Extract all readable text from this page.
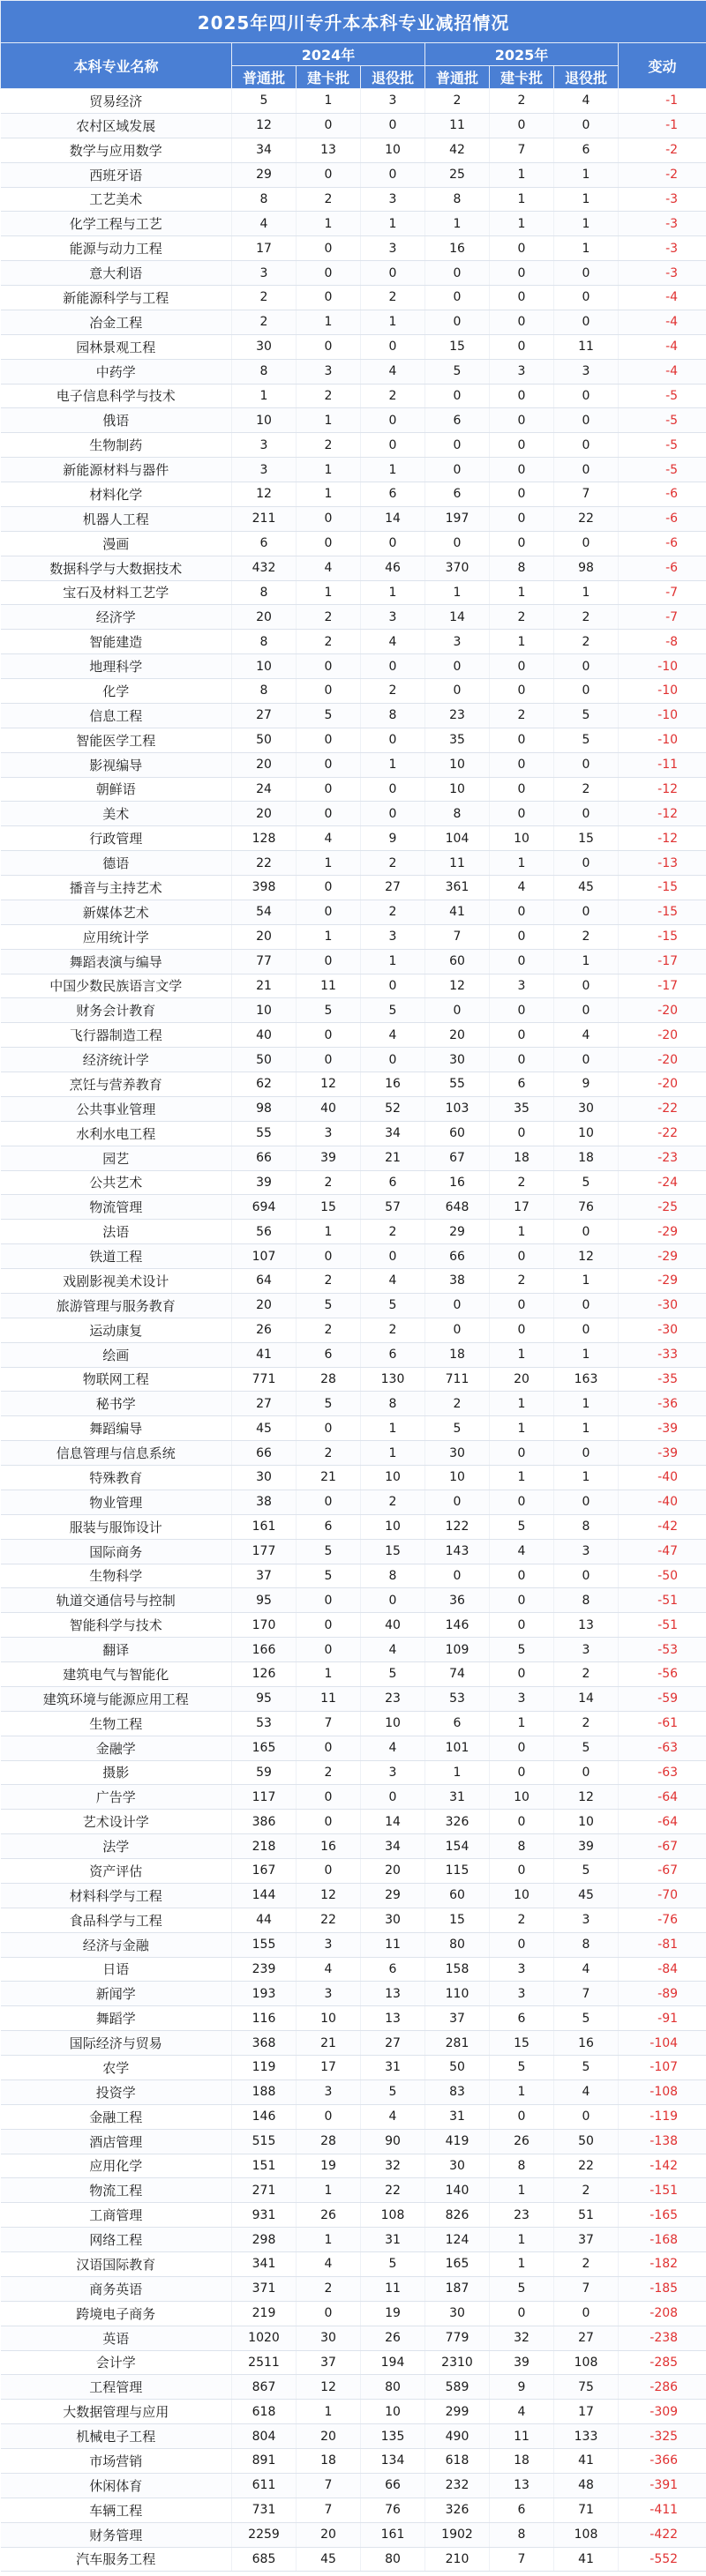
2025年四川专升本本科专业减招情况							
本科专业名称	2024年			2025年			变动
	普通批	建卡批	退役批	普通批	建卡批	退役批	
贸易经济	5	1	3	2	2	4	-1
农村区域发展	12	0	0	11	0	0	-1
数学与应用数学	34	13	10	42	7	6	-2
西班牙语	29	0	0	25	1	1	-2
工艺美术	8	2	3	8	1	1	-3
化学工程与工艺	4	1	1	1	1	1	-3
能源与动力工程	17	0	3	16	0	1	-3
意大利语	3	0	0	0	0	0	-3
新能源科学与工程	2	0	2	0	0	0	-4
冶金工程	2	1	1	0	0	0	-4
园林景观工程	30	0	0	15	0	11	-4
中药学	8	3	4	5	3	3	-4
电子信息科学与技术	1	2	2	0	0	0	-5
俄语	10	1	0	6	0	0	-5
生物制药	3	2	0	0	0	0	-5
新能源材料与器件	3	1	1	0	0	0	-5
材料化学	12	1	6	6	0	7	-6
机器人工程	211	0	14	197	0	22	-6
漫画	6	0	0	0	0	0	-6
数据科学与大数据技术	432	4	46	370	8	98	-6
宝石及材料工艺学	8	1	1	1	1	1	-7
经济学	20	2	3	14	2	2	-7
智能建造	8	2	4	3	1	2	-8
地理科学	10	0	0	0	0	0	-10
化学	8	0	2	0	0	0	-10
信息工程	27	5	8	23	2	5	-10
智能医学工程	50	0	0	35	0	5	-10
影视编导	20	0	1	10	0	0	-11
朝鲜语	24	0	0	10	0	2	-12
美术	20	0	0	8	0	0	-12
行政管理	128	4	9	104	10	15	-12
德语	22	1	2	11	1	0	-13
播音与主持艺术	398	0	27	361	4	45	-15
新媒体艺术	54	0	2	41	0	0	-15
应用统计学	20	1	3	7	0	2	-15
舞蹈表演与编导	77	0	1	60	0	1	-17
中国少数民族语言文学	21	11	0	12	3	0	-17
财务会计教育	10	5	5	0	0	0	-20
飞行器制造工程	40	0	4	20	0	4	-20
经济统计学	50	0	0	30	0	0	-20
烹饪与营养教育	62	12	16	55	6	9	-20
公共事业管理	98	40	52	103	35	30	-22
水利水电工程	55	3	34	60	0	10	-22
园艺	66	39	21	67	18	18	-23
公共艺术	39	2	6	16	2	5	-24
物流管理	694	15	57	648	17	76	-25
法语	56	1	2	29	1	0	-29
铁道工程	107	0	0	66	0	12	-29
戏剧影视美术设计	64	2	4	38	2	1	-29
旅游管理与服务教育	20	5	5	0	0	0	-30
运动康复	26	2	2	0	0	0	-30
绘画	41	6	6	18	1	1	-33
物联网工程	771	28	130	711	20	163	-35
秘书学	27	5	8	2	1	1	-36
舞蹈编导	45	0	1	5	1	1	-39
信息管理与信息系统	66	2	1	30	0	0	-39
特殊教育	30	21	10	10	1	1	-40
物业管理	38	0	2	0	0	0	-40
服装与服饰设计	161	6	10	122	5	8	-42
国际商务	177	5	15	143	4	3	-47
生物科学	37	5	8	0	0	0	-50
轨道交通信号与控制	95	0	0	36	0	8	-51
智能科学与技术	170	0	40	146	0	13	-51
翻译	166	0	4	109	5	3	-53
建筑电气与智能化	126	1	5	74	0	2	-56
建筑环境与能源应用工程	95	11	23	53	3	14	-59
生物工程	53	7	10	6	1	2	-61
金融学	165	0	4	101	0	5	-63
摄影	59	2	3	1	0	0	-63
广告学	117	0	0	31	10	12	-64
艺术设计学	386	0	14	326	0	10	-64
法学	218	16	34	154	8	39	-67
资产评估	167	0	20	115	0	5	-67
材料科学与工程	144	12	29	60	10	45	-70
食品科学与工程	44	22	30	15	2	3	-76
经济与金融	155	3	11	80	0	8	-81
日语	239	4	6	158	3	4	-84
新闻学	193	3	13	110	3	7	-89
舞蹈学	116	10	13	37	6	5	-91
国际经济与贸易	368	21	27	281	15	16	-104
农学	119	17	31	50	5	5	-107
投资学	188	3	5	83	1	4	-108
金融工程	146	0	4	31	0	0	-119
酒店管理	515	28	90	419	26	50	-138
应用化学	151	19	32	30	8	22	-142
物流工程	271	1	22	140	1	2	-151
工商管理	931	26	108	826	23	51	-165
网络工程	298	1	31	124	1	37	-168
汉语国际教育	341	4	5	165	1	2	-182
商务英语	371	2	11	187	5	7	-185
跨境电子商务	219	0	19	30	0	0	-208
英语	1020	30	26	779	32	27	-238
会计学	2511	37	194	2310	39	108	-285
工程管理	867	12	80	589	9	75	-286
大数据管理与应用	618	1	10	299	4	17	-309
机械电子工程	804	20	135	490	11	133	-325
市场营销	891	18	134	618	18	41	-366
休闲体育	611	7	66	232	13	48	-391
车辆工程	731	7	76	326	6	71	-411
财务管理	2259	20	161	1902	8	108	-422
汽车服务工程	685	45	80	210	7	41	-552
